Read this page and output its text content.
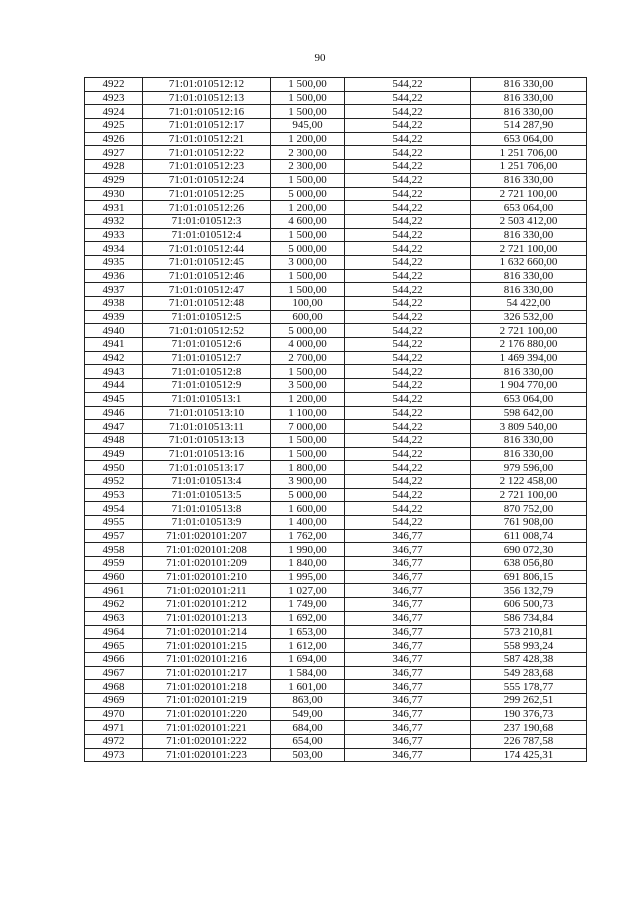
90
4922	71:01:010512:12	1 500,00	544,22	816 330,00
4923	71:01:010512:13	1 500,00	544,22	816 330,00
4924	71:01:010512:16	1 500,00	544,22	816 330,00
4925	71:01:010512:17	945,00	544,22	514 287,90
4926	71:01:010512:21	1 200,00	544,22	653 064,00
4927	71:01:010512:22	2 300,00	544,22	1 251 706,00
4928	71:01:010512:23	2 300,00	544,22	1 251 706,00
4929	71:01:010512:24	1 500,00	544,22	816 330,00
4930	71:01:010512:25	5 000,00	544,22	2 721 100,00
4931	71:01:010512:26	1 200,00	544,22	653 064,00
4932	71:01:010512:3	4 600,00	544,22	2 503 412,00
4933	71:01:010512:4	1 500,00	544,22	816 330,00
4934	71:01:010512:44	5 000,00	544,22	2 721 100,00
4935	71:01:010512:45	3 000,00	544,22	1 632 660,00
4936	71:01:010512:46	1 500,00	544,22	816 330,00
4937	71:01:010512:47	1 500,00	544,22	816 330,00
4938	71:01:010512:48	100,00	544,22	54 422,00
4939	71:01:010512:5	600,00	544,22	326 532,00
4940	71:01:010512:52	5 000,00	544,22	2 721 100,00
4941	71:01:010512:6	4 000,00	544,22	2 176 880,00
4942	71:01:010512:7	2 700,00	544,22	1 469 394,00
4943	71:01:010512:8	1 500,00	544,22	816 330,00
4944	71:01:010512:9	3 500,00	544,22	1 904 770,00
4945	71:01:010513:1	1 200,00	544,22	653 064,00
4946	71:01:010513:10	1 100,00	544,22	598 642,00
4947	71:01:010513:11	7 000,00	544,22	3 809 540,00
4948	71:01:010513:13	1 500,00	544,22	816 330,00
4949	71:01:010513:16	1 500,00	544,22	816 330,00
4950	71:01:010513:17	1 800,00	544,22	979 596,00
4952	71:01:010513:4	3 900,00	544,22	2 122 458,00
4953	71:01:010513:5	5 000,00	544,22	2 721 100,00
4954	71:01:010513:8	1 600,00	544,22	870 752,00
4955	71:01:010513:9	1 400,00	544,22	761 908,00
4957	71:01:020101:207	1 762,00	346,77	611 008,74
4958	71:01:020101:208	1 990,00	346,77	690 072,30
4959	71:01:020101:209	1 840,00	346,77	638 056,80
4960	71:01:020101:210	1 995,00	346,77	691 806,15
4961	71:01:020101:211	1 027,00	346,77	356 132,79
4962	71:01:020101:212	1 749,00	346,77	606 500,73
4963	71:01:020101:213	1 692,00	346,77	586 734,84
4964	71:01:020101:214	1 653,00	346,77	573 210,81
4965	71:01:020101:215	1 612,00	346,77	558 993,24
4966	71:01:020101:216	1 694,00	346,77	587 428,38
4967	71:01:020101:217	1 584,00	346,77	549 283,68
4968	71:01:020101:218	1 601,00	346,77	555 178,77
4969	71:01:020101:219	863,00	346,77	299 262,51
4970	71:01:020101:220	549,00	346,77	190 376,73
4971	71:01:020101:221	684,00	346,77	237 190,68
4972	71:01:020101:222	654,00	346,77	226 787,58
4973	71:01:020101:223	503,00	346,77	174 425,31
